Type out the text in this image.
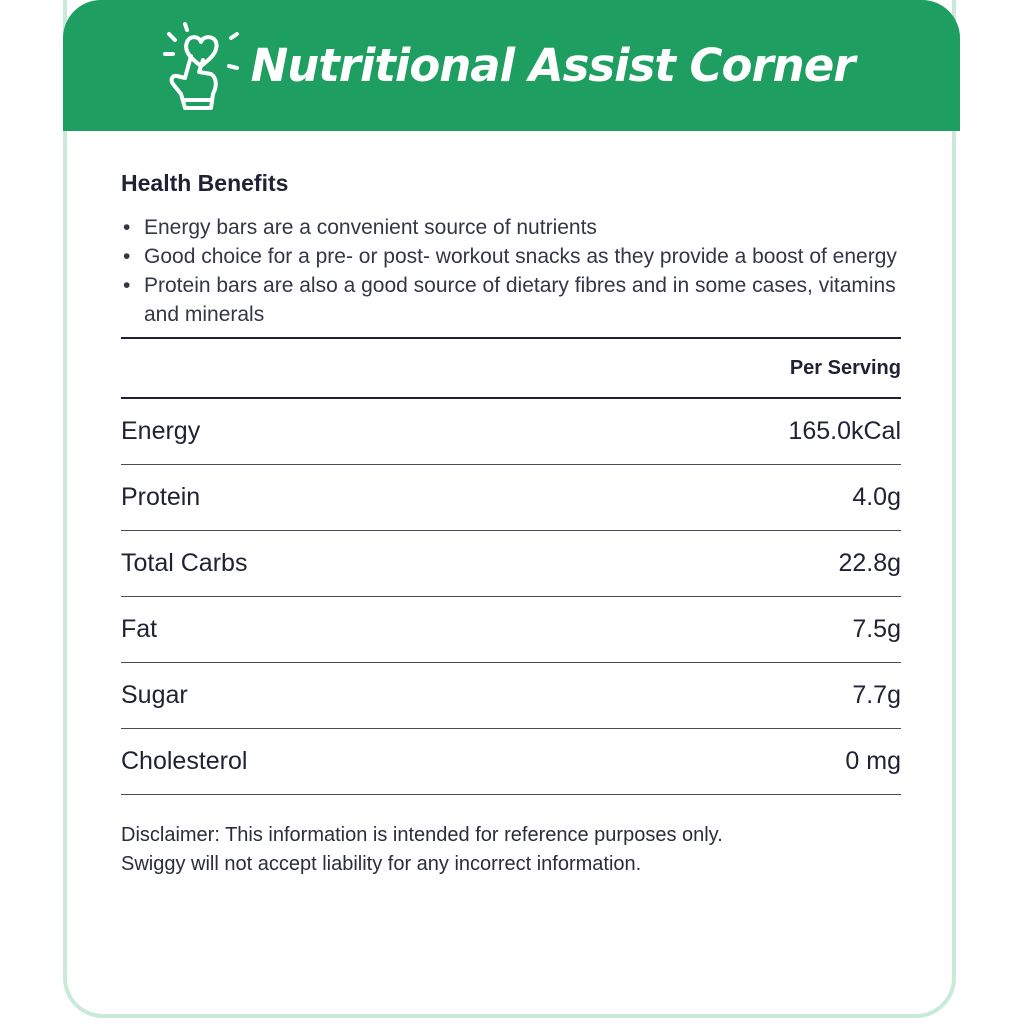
Nutritional Assist Corner
Health Benefits
• Energy bars are a convenient source of nutrients
• Good choice for a pre- or post- workout snacks as they provide a boost of energy
• Protein bars are also a good source of dietary fibres and in some cases, vitamins and minerals
Per Serving
Energy	165.0kCal
Protein	4.0g
Total Carbs	22.8g
Fat	7.5g
Sugar	7.7g
Cholesterol	0 mg
Disclaimer: This information is intended for reference purposes only.
Swiggy will not accept liability for any incorrect information.
